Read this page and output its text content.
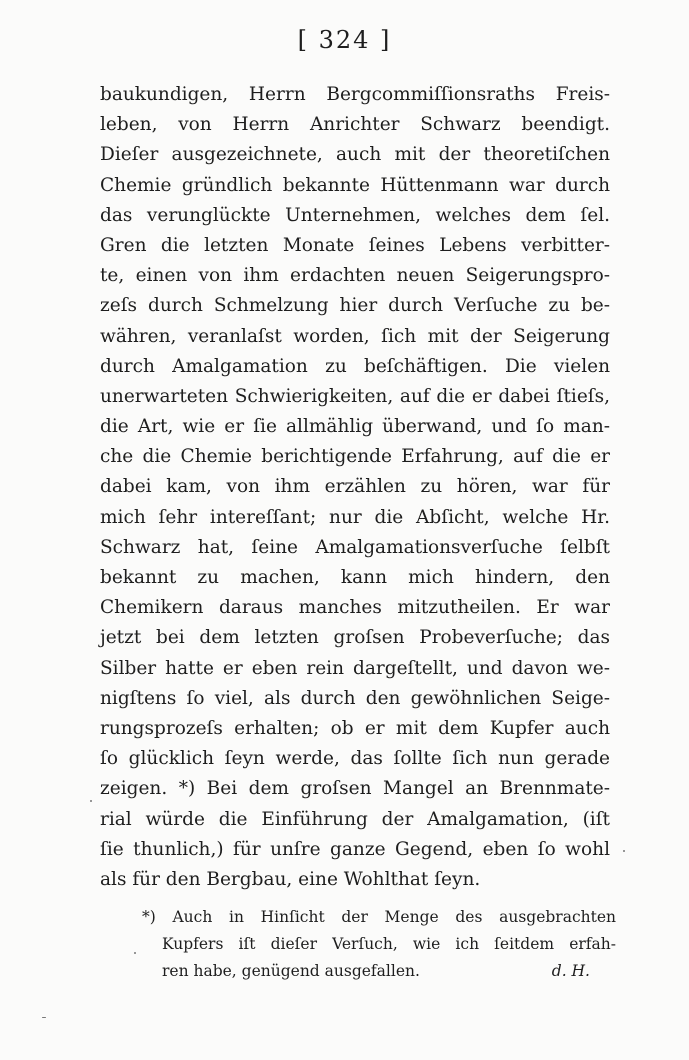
[ 324 ]
baukundigen, Herrn Bergcommiſſionsraths Freis-
leben, von Herrn Anrichter Schwarz beendigt.
Dieſer ausgezeichnete, auch mit der theoretiſchen
Chemie gründlich bekannte Hüttenmann war durch
das verunglückte Unternehmen, welches dem ſel.
Gren die letzten Monate ſeines Lebens verbitter-
te, einen von ihm erdachten neuen Seigerungspro-
zeſs durch Schmelzung hier durch Verſuche zu be-
währen, veranlaſst worden, ſich mit der Seigerung
durch Amalgamation zu beſchäftigen. Die vielen
unerwarteten Schwierigkeiten, auf die er dabei ſtieſs,
die Art, wie er ſie allmählig überwand, und ſo man-
che die Chemie berichtigende Erfahrung, auf die er
dabei kam, von ihm erzählen zu hören, war für
mich ſehr intereſſant; nur die Abſicht, welche Hr.
Schwarz hat, ſeine Amalgamationsverſuche ſelbſt
bekannt zu machen, kann mich hindern, den
Chemikern daraus manches mitzutheilen. Er war
jetzt bei dem letzten groſsen Probeverſuche; das
Silber hatte er eben rein dargeſtellt, und davon we-
nigſtens ſo viel, als durch den gewöhnlichen Seige-
rungsprozeſs erhalten; ob er mit dem Kupfer auch
ſo glücklich ſeyn werde, das ſollte ſich nun gerade
zeigen. *) Bei dem groſsen Mangel an Brennmate-
rial würde die Einführung der Amalgamation, (iſt
ſie thunlich,) für unſre ganze Gegend, eben ſo wohl
als für den Bergbau, eine Wohlthat ſeyn.
*) Auch in Hinſicht der Menge des ausgebrachten
Kupfers iſt dieſer Verſuch, wie ich ſeitdem erfah-
ren habe, genügend ausgefallen.	d. H.
